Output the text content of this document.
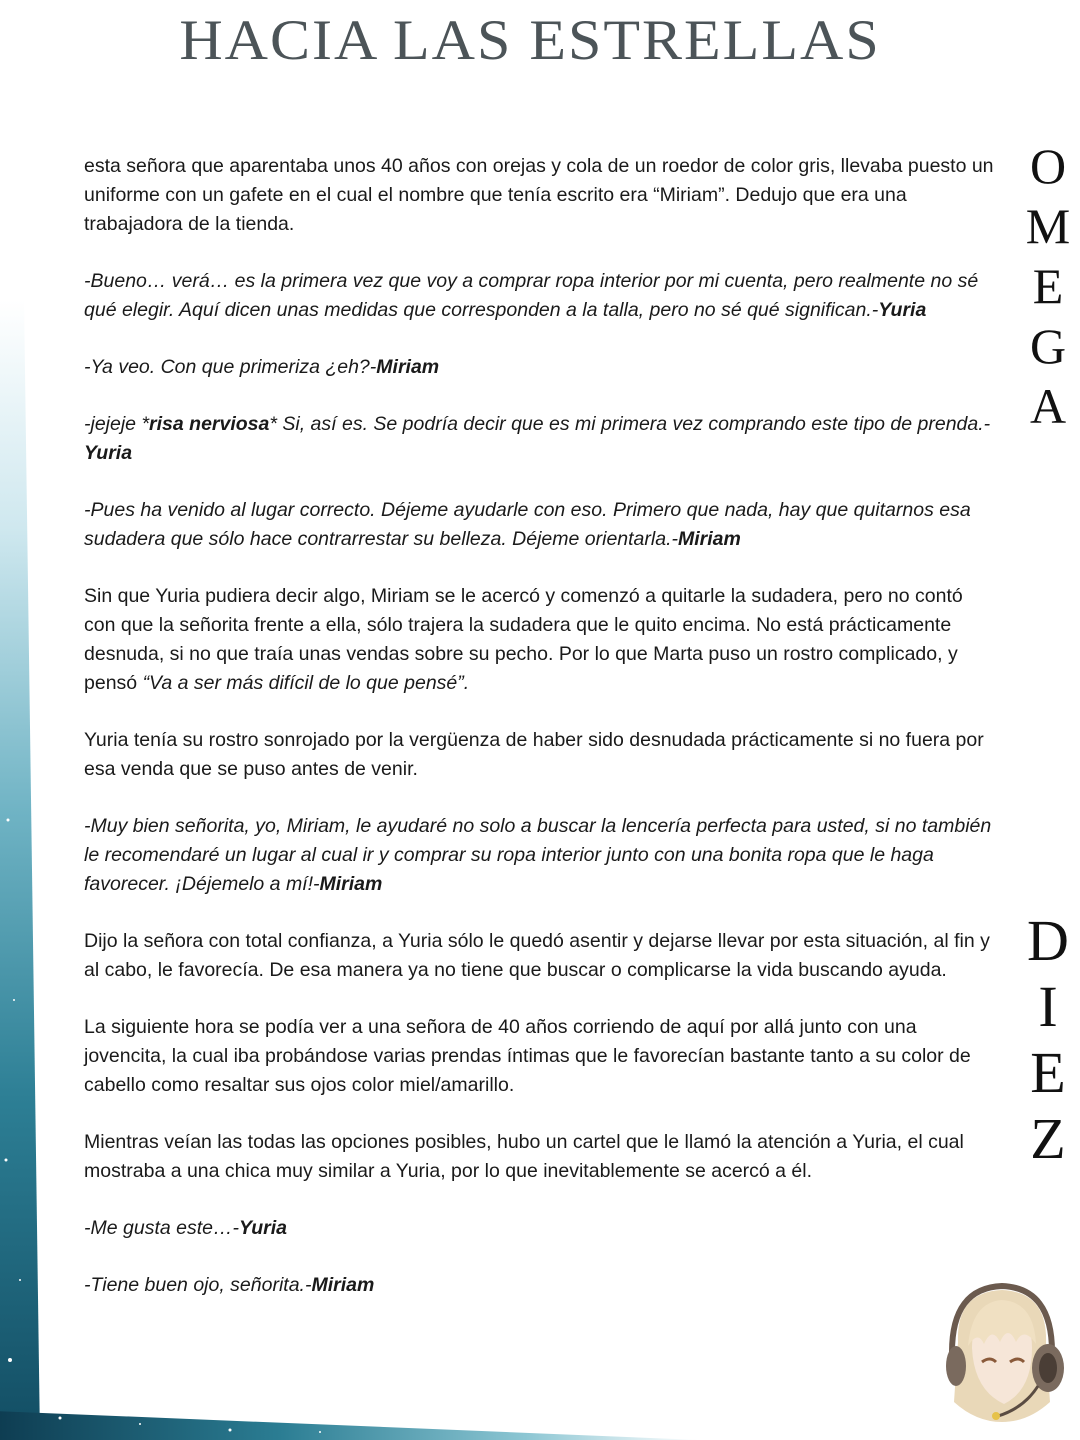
HACIA LAS ESTRELLAS
O
M
E
G
A
D
I
E
Z

esta señora que aparentaba unos 40 años con orejas y cola de un roedor de color gris, llevaba puesto un uniforme con un gafete en el cual el nombre que tenía escrito era “Miriam”. Dedujo que era una trabajadora de la tienda.

-Bueno… verá… es la primera vez que voy a comprar ropa interior por mi cuenta, pero realmente no sé qué elegir. Aquí dicen unas medidas que corresponden a la talla, pero no sé qué significan.-Yuria

-Ya veo. Con que primeriza ¿eh?-Miriam

-jejeje *risa nerviosa* Si, así es. Se podría decir que es mi primera vez comprando este tipo de prenda.-Yuria

-Pues ha venido al lugar correcto. Déjeme ayudarle con eso. Primero que nada, hay que quitarnos esa sudadera que sólo hace contrarrestar su belleza. Déjeme orientarla.-Miriam

Sin que Yuria pudiera decir algo, Miriam se le acercó y comenzó a quitarle la sudadera, pero no contó con que la señorita frente a ella, sólo trajera la sudadera que le quito encima. No está prácticamente desnuda, si no que traía unas vendas sobre su pecho. Por lo que Marta puso un rostro complicado, y pensó “Va a ser más difícil de lo que pensé”.

Yuria tenía su rostro sonrojado por la vergüenza de haber sido desnudada prácticamente si no fuera por esa venda que se puso antes de venir.

-Muy bien señorita, yo, Miriam, le ayudaré no solo a buscar la lencería perfecta para usted, si no también le recomendaré un lugar al cual ir y comprar su ropa interior junto con una bonita ropa que le haga favorecer. ¡Déjemelo a mí!-Miriam

Dijo la señora con total confianza, a Yuria sólo le quedó asentir y dejarse llevar por esta situación, al fin y al cabo, le favorecía. De esa manera ya no tiene que buscar o complicarse la vida buscando ayuda.

La siguiente hora se podía ver a una señora de 40 años corriendo de aquí por allá junto con una jovencita, la cual iba probándose varias prendas íntimas que le favorecían bastante tanto a su color de cabello como resaltar sus ojos color miel/amarillo.

Mientras veían las todas las opciones posibles, hubo un cartel que le llamó la atención a Yuria, el cual mostraba a una chica muy similar a Yuria, por lo que inevitablemente se acercó a él.

-Me gusta este…-Yuria

-Tiene buen ojo, señorita.-Miriam
